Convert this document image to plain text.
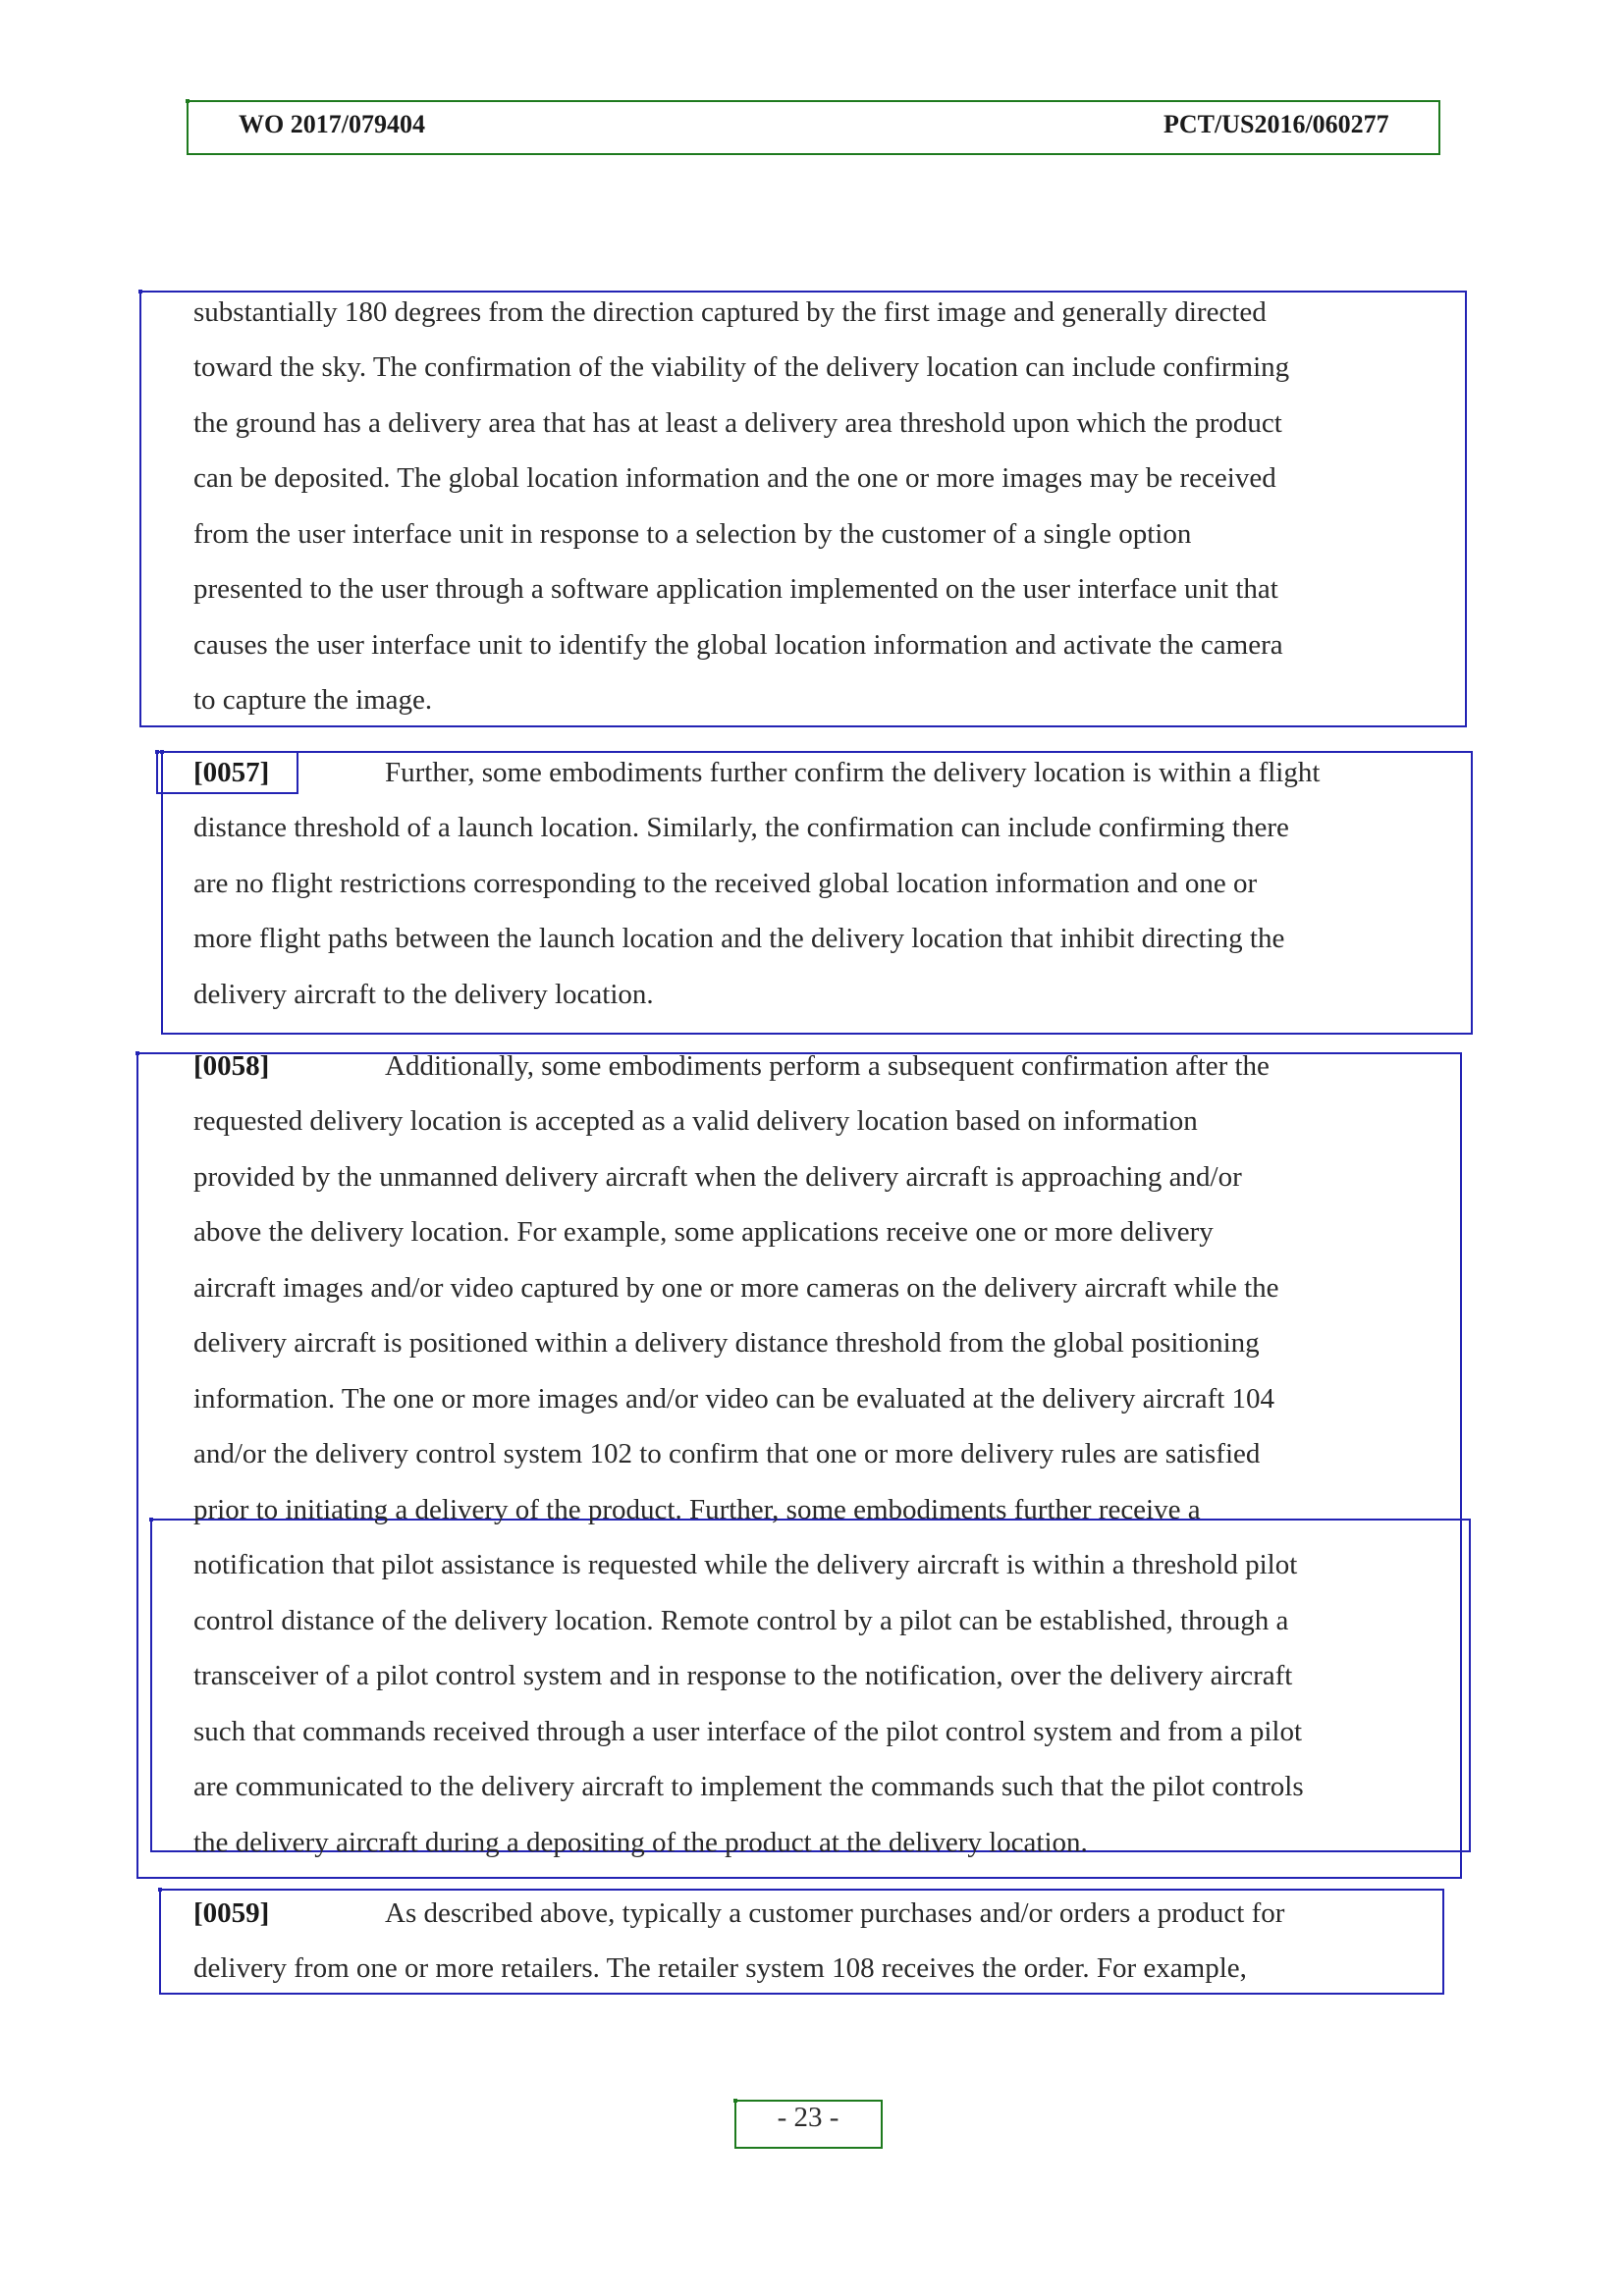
WO 2017/079404	PCT/US2016/060277
substantially 180 degrees from the direction captured by the first image and generally directed
toward the sky. The confirmation of the viability of the delivery location can include confirming
the ground has a delivery area that has at least a delivery area threshold upon which the product
can be deposited. The global location information and the one or more images may be received
from the user interface unit in response to a selection by the customer of a single option
presented to the user through a software application implemented on the user interface unit that
causes the user interface unit to identify the global location information and activate the camera
to capture the image.
[0057]	Further, some embodiments further confirm the delivery location is within a flight
distance threshold of a launch location. Similarly, the confirmation can include confirming there
are no flight restrictions corresponding to the received global location information and one or
more flight paths between the launch location and the delivery location that inhibit directing the
delivery aircraft to the delivery location.
[0058]	Additionally, some embodiments perform a subsequent confirmation after the
requested delivery location is accepted as a valid delivery location based on information
provided by the unmanned delivery aircraft when the delivery aircraft is approaching and/or
above the delivery location. For example, some applications receive one or more delivery
aircraft images and/or video captured by one or more cameras on the delivery aircraft while the
delivery aircraft is positioned within a delivery distance threshold from the global positioning
information. The one or more images and/or video can be evaluated at the delivery aircraft 104
and/or the delivery control system 102 to confirm that one or more delivery rules are satisfied
prior to initiating a delivery of the product. Further, some embodiments further receive a
notification that pilot assistance is requested while the delivery aircraft is within a threshold pilot
control distance of the delivery location. Remote control by a pilot can be established, through a
transceiver of a pilot control system and in response to the notification, over the delivery aircraft
such that commands received through a user interface of the pilot control system and from a pilot
are communicated to the delivery aircraft to implement the commands such that the pilot controls
the delivery aircraft during a depositing of the product at the delivery location.
[0059]	As described above, typically a customer purchases and/or orders a product for
delivery from one or more retailers. The retailer system 108 receives the order. For example,
- 23 -
